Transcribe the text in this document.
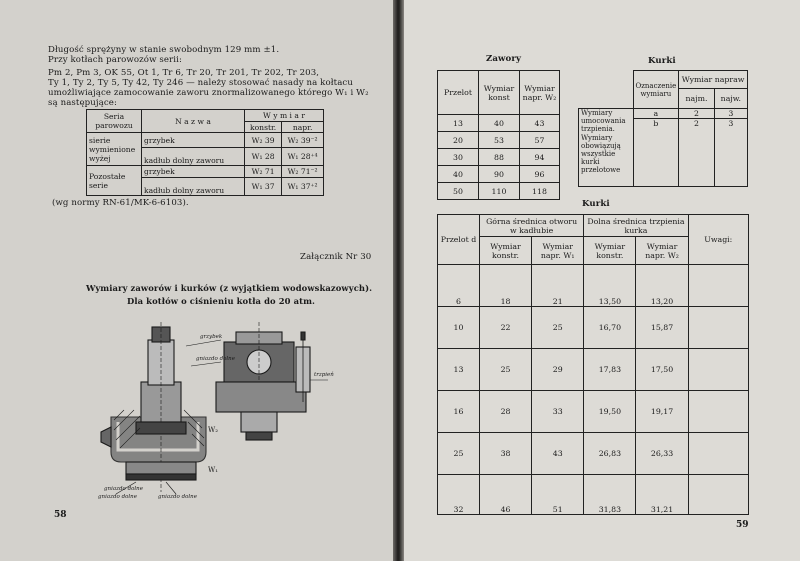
Długość sprężyny w stanie swobodnym 129 mm ±1.
Przy kotłach parowozów serii:
Pm 2, Pm 3, OK 55, Ot 1, Tr 6, Tr 20, Tr 201, Tr 202, Tr 203,
Ty 1, Ty 2, Ty 5, Ty 42, Ty 246 — należy stosować nasady na kołtacu
umożliwiające zamocowanie zaworu znormalizowanego którego W₁ i W₂
są następujące:
Seria parowozu	N a z w a	W y m i a r	
		konstr.	napr.
sierie wymienione wyżej	grzybek	W₂ 39	W₂ 39⁻²
	kadłub dolny zaworu	W₁ 28	W₁ 28⁺⁴
Pozostałe serie	grzybek	W₂ 71	W₂ 71⁻²
	kadłub dolny zaworu	W₁ 37	W₁ 37⁺²
(wg normy RN-61/MK-6-6103).
Załącznik Nr 30
Wymiary zaworów i kurków (z wyjątkiem wodowskazowych).
Dla kotłów o ciśnieniu kotła do 20 atm.
grzybek
gniazdo dolne
gniazdo dolne	gniazdo dolne
trzpień
gniazdo dolne
W₁
W₂
58
Zawory
Przelot	Wymiar konst	Wymiar napr. W₂
13	40	43
20	53	57
30	88	94
40	90	96
50	110	118
Kurki
	Oznaczenie wymiaru	Wymiar napraw	
		najm.	najw.
Wymiary umocowania trzpienia. Wymiary obowiązują wszystkie kurki przelotowe	a	2	3
	b	2	3
Kurki
Przelot d	Górna średnica otworu w kadłubie		Dolna średnica trzpienia kurka		Uwagi:
	Wymiar konstr.	Wymiar napr. W₁	Wymiar konstr.	Wymiar napr. W₂	
6	18	21	13,50	13,20	
10	22	25	16,70	15,87	
13	25	29	17,83	17,50	
16	28	33	19,50	19,17	
25	38	43	26,83	26,33	
32	46	51	31,83	31,21	
59
